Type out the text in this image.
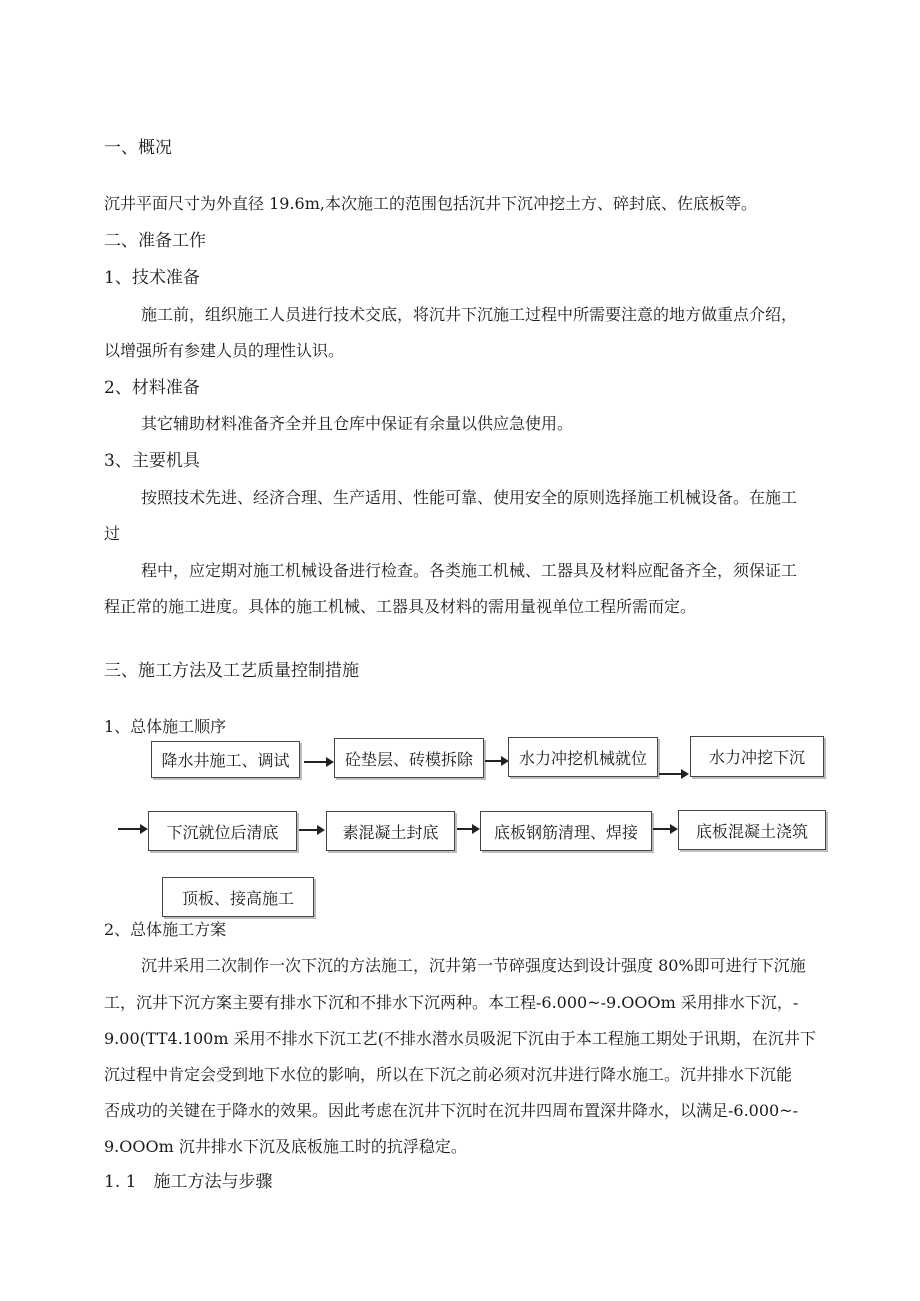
一、概况
沉井平面尺寸为外直径 19.6m,本次施工的范围包括沉井下沉冲挖土方、碎封底、佐底板等。
二、准备工作
1、技术准备
施工前，组织施工人员进行技术交底，将沉井下沉施工过程中所需要注意的地方做重点介绍，
以增强所有参建人员的理性认识。
2、材料准备
其它辅助材料准备齐全并且仓库中保证有余量以供应急使用。
3、主要机具
按照技术先进、经济合理、生产适用、性能可靠、使用安全的原则选择施工机械设备。在施工
过
程中，应定期对施工机械设备进行检查。各类施工机械、工器具及材料应配备齐全，须保证工
程正常的施工进度。具体的施工机械、工器具及材料的需用量视单位工程所需而定。
三、施工方法及工艺质量控制措施
1、总体施工顺序
降水井施工、调试	砼垫层、砖模拆除	水力冲挖机械就位	水力冲挖下沉
下沉就位后清底	素混凝土封底	底板钢筋清理、焊接	底板混凝土浇筑
顶板、接高施工
2、总体施工方案
沉井采用二次制作一次下沉的方法施工，沉井第一节碎强度达到设计强度 80%即可进行下沉施
工，沉井下沉方案主要有排水下沉和不排水下沉两种。本工程-6.000~-9.OOOm 采用排水下沉，-
9.00(TT4.100m 采用不排水下沉工艺(不排水潜水员吸泥下沉由于本工程施工期处于讯期，在沉井下
沉过程中肯定会受到地下水位的影响，所以在下沉之前必须对沉井进行降水施工。沉井排水下沉能
否成功的关键在于降水的效果。因此考虑在沉井下沉时在沉井四周布置深井降水，以满足-6.000~-
9.OOOm 沉井排水下沉及底板施工时的抗浮稳定。
1. 1　施工方法与步骤
